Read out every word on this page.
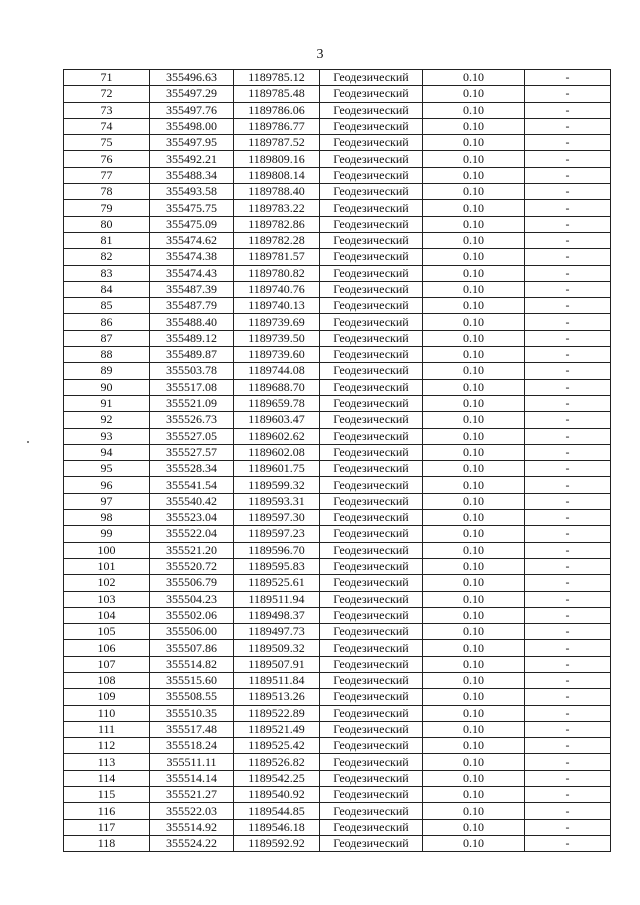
3
71	355496.63	1189785.12	Геодезический	0.10	-
72	355497.29	1189785.48	Геодезический	0.10	-
73	355497.76	1189786.06	Геодезический	0.10	-
74	355498.00	1189786.77	Геодезический	0.10	-
75	355497.95	1189787.52	Геодезический	0.10	-
76	355492.21	1189809.16	Геодезический	0.10	-
77	355488.34	1189808.14	Геодезический	0.10	-
78	355493.58	1189788.40	Геодезический	0.10	-
79	355475.75	1189783.22	Геодезический	0.10	-
80	355475.09	1189782.86	Геодезический	0.10	-
81	355474.62	1189782.28	Геодезический	0.10	-
82	355474.38	1189781.57	Геодезический	0.10	-
83	355474.43	1189780.82	Геодезический	0.10	-
84	355487.39	1189740.76	Геодезический	0.10	-
85	355487.79	1189740.13	Геодезический	0.10	-
86	355488.40	1189739.69	Геодезический	0.10	-
87	355489.12	1189739.50	Геодезический	0.10	-
88	355489.87	1189739.60	Геодезический	0.10	-
89	355503.78	1189744.08	Геодезический	0.10	-
90	355517.08	1189688.70	Геодезический	0.10	-
91	355521.09	1189659.78	Геодезический	0.10	-
92	355526.73	1189603.47	Геодезический	0.10	-
93	355527.05	1189602.62	Геодезический	0.10	-
94	355527.57	1189602.08	Геодезический	0.10	-
95	355528.34	1189601.75	Геодезический	0.10	-
96	355541.54	1189599.32	Геодезический	0.10	-
97	355540.42	1189593.31	Геодезический	0.10	-
98	355523.04	1189597.30	Геодезический	0.10	-
99	355522.04	1189597.23	Геодезический	0.10	-
100	355521.20	1189596.70	Геодезический	0.10	-
101	355520.72	1189595.83	Геодезический	0.10	-
102	355506.79	1189525.61	Геодезический	0.10	-
103	355504.23	1189511.94	Геодезический	0.10	-
104	355502.06	1189498.37	Геодезический	0.10	-
105	355506.00	1189497.73	Геодезический	0.10	-
106	355507.86	1189509.32	Геодезический	0.10	-
107	355514.82	1189507.91	Геодезический	0.10	-
108	355515.60	1189511.84	Геодезический	0.10	-
109	355508.55	1189513.26	Геодезический	0.10	-
110	355510.35	1189522.89	Геодезический	0.10	-
111	355517.48	1189521.49	Геодезический	0.10	-
112	355518.24	1189525.42	Геодезический	0.10	-
113	355511.11	1189526.82	Геодезический	0.10	-
114	355514.14	1189542.25	Геодезический	0.10	-
115	355521.27	1189540.92	Геодезический	0.10	-
116	355522.03	1189544.85	Геодезический	0.10	-
117	355514.92	1189546.18	Геодезический	0.10	-
118	355524.22	1189592.92	Геодезический	0.10	-
